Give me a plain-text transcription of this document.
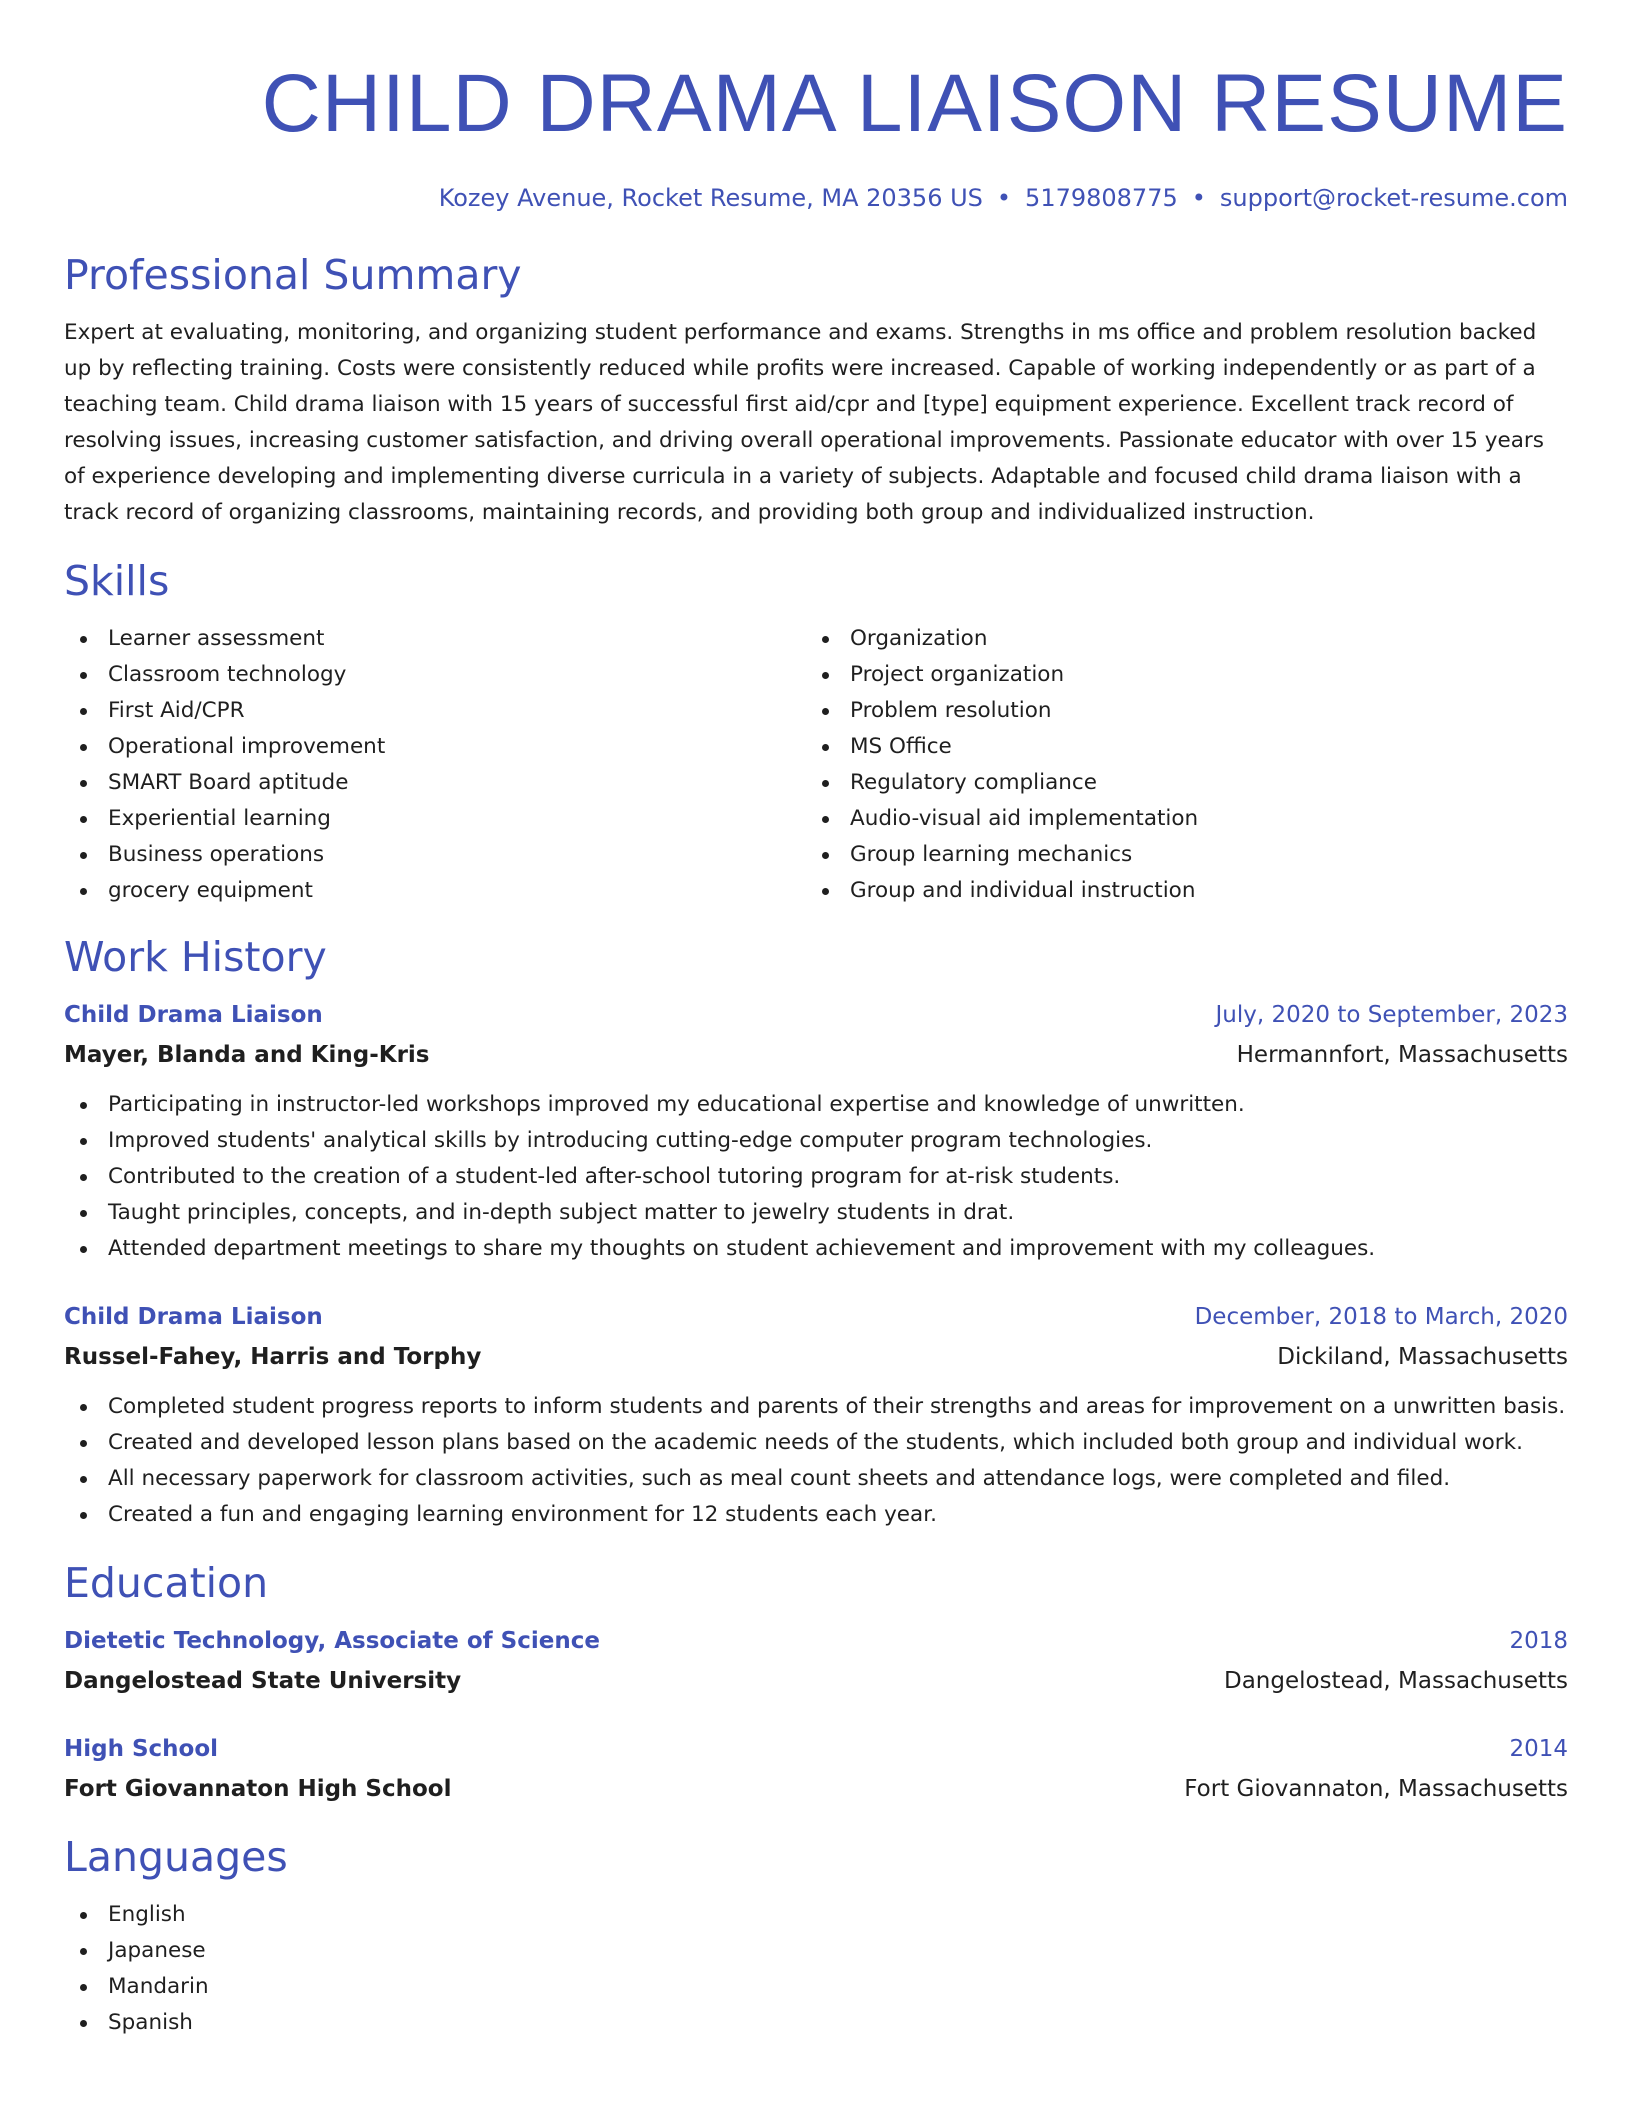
CHILD DRAMA LIAISON RESUME
Kozey Avenue, Rocket Resume, MA 20356 US • 5179808775 • support@rocket-resume.com
Professional Summary
Expert at evaluating, monitoring, and organizing student performance and exams. Strengths in ms office and problem resolution backed up by reflecting training. Costs were consistently reduced while profits were increased. Capable of working independently or as part of a teaching team. Child drama liaison with 15 years of successful first aid/cpr and [type] equipment experience. Excellent track record of resolving issues, increasing customer satisfaction, and driving overall operational improvements. Passionate educator with over 15 years of experience developing and implementing diverse curricula in a variety of subjects. Adaptable and focused child drama liaison with a track record of organizing classrooms, maintaining records, and providing both group and individualized instruction.
Skills
Learner assessment
Classroom technology
First Aid/CPR
Operational improvement
SMART Board aptitude
Experiential learning
Business operations
grocery equipment
Organization
Project organization
Problem resolution
MS Office
Regulatory compliance
Audio-visual aid implementation
Group learning mechanics
Group and individual instruction
Work History
Child Drama Liaison	July, 2020 to September, 2023
Mayer, Blanda and King-Kris	Hermannfort, Massachusetts
Participating in instructor-led workshops improved my educational expertise and knowledge of unwritten.
Improved students' analytical skills by introducing cutting-edge computer program technologies.
Contributed to the creation of a student-led after-school tutoring program for at-risk students.
Taught principles, concepts, and in-depth subject matter to jewelry students in drat.
Attended department meetings to share my thoughts on student achievement and improvement with my colleagues.
Child Drama Liaison	December, 2018 to March, 2020
Russel-Fahey, Harris and Torphy	Dickiland, Massachusetts
Completed student progress reports to inform students and parents of their strengths and areas for improvement on a unwritten basis.
Created and developed lesson plans based on the academic needs of the students, which included both group and individual work.
All necessary paperwork for classroom activities, such as meal count sheets and attendance logs, were completed and filed.
Created a fun and engaging learning environment for 12 students each year.
Education
Dietetic Technology, Associate of Science	2018
Dangelostead State University	Dangelostead, Massachusetts
High School	2014
Fort Giovannaton High School	Fort Giovannaton, Massachusetts
Languages
English
Japanese
Mandarin
Spanish
